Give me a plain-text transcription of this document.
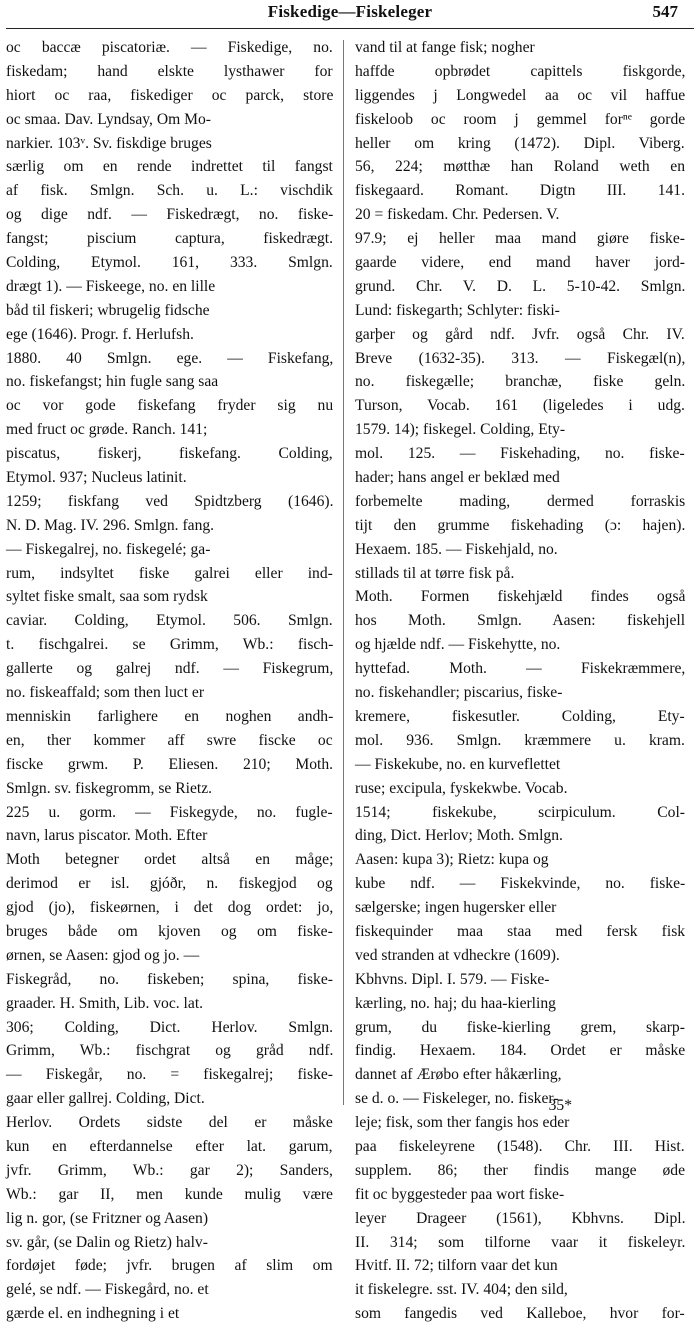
Fiskedige—Fiskeleger	547
oc baccæ piscatoriæ. — Fiskedige, no.
fiskedam; hand elskte lysthawer for
hiort oc raa, fiskediger oc parck, store
oc smaa. Dav. Lyndsay, Om Mo-
narkier. 103ᵛ. Sv. fiskdige bruges
særlig om en rende indrettet til fangst
af fisk. Smlgn. Sch. u. L.: vischdik
og dige ndf. — Fiskedrægt, no. fiske-
fangst; piscium captura, fiskedrægt.
Colding, Etymol. 161, 333. Smlgn.
drægt 1). — Fiskeege, no. en lille
båd til fiskeri; wbrugelig fidsche
ege (1646). Progr. f. Herlufsh.
1880. 40 Smlgn. ege. — Fiskefang,
no. fiskefangst; hin fugle sang saa
oc vor gode fiskefang fryder sig nu
med fruct oc grøde. Ranch. 141;
piscatus, fiskerj, fiskefang. Colding,
Etymol. 937; Nucleus latinit.
1259; fiskfang ved Spidtzberg (1646).
N. D. Mag. IV. 296. Smlgn. fang.
— Fiskegalrej, no. fiskegelé; ga-
rum, indsyltet fiske galrei eller ind-
syltet fiske smalt, saa som rydsk
caviar. Colding, Etymol. 506. Smlgn.
t. fischgalrei. se Grimm, Wb.: fisch-
gallerte og galrej ndf. — Fiskegrum,
no. fiskeaffald; som then luct er
menniskin farlighere en noghen andh-
en, ther kommer aff swre fiscke oc
fiscke grwm. P. Eliesen. 210; Moth.
Smlgn. sv. fiskegromm, se Rietz.
225 u. gorm. — Fiskegyde, no. fugle-
navn, larus piscator. Moth. Efter
Moth betegner ordet altså en måge;
derimod er isl. gjóðr, n. fiskegjod og
gjod (jo), fiskeørnen, i det dog ordet: jo,
bruges både om kjoven og om fiske-
ørnen, se Aasen: gjod og jo. —
Fiskegråd, no. fiskeben; spina, fiske-
graader. H. Smith, Lib. voc. lat.
306; Colding, Dict. Herlov. Smlgn.
Grimm, Wb.: fischgrat og gråd ndf.
— Fiskegår, no. = fiskegalrej; fiske-
gaar eller gallrej. Colding, Dict.
Herlov. Ordets sidste del er måske
kun en efterdannelse efter lat. garum,
jvfr. Grimm, Wb.: gar 2); Sanders,
Wb.: gar II, men kunde mulig være
lig n. gor, (se Fritzner og Aasen)
sv. går, (se Dalin og Rietz) halv-
fordøjet føde; jvfr. brugen af slim om
gelé, se ndf. — Fiskegård, no. et
gærde el. en indhegning i et
vand til at fange fisk; nogher
haffde opbrødet capittels fiskgorde,
liggendes j Longwedel aa oc vil haffue
fiskeloob oc room j gemmel forⁿᵉ gorde
heller om kring (1472). Dipl. Viberg.
56, 224; møtthæ han Roland weth en
fiskegaard. Romant. Digtn III. 141.
20 = fiskedam. Chr. Pedersen. V.
97.9; ej heller maa mand giøre fiske-
gaarde videre, end mand haver jord-
grund. Chr. V. D. L. 5-10-42. Smlgn.
Lund: fiskegarth; Schlyter: fiski-
garþer og gård ndf. Jvfr. også Chr. IV.
Breve (1632-35). 313. — Fiskegæl(n),
no. fiskegælle; branchæ, fiske geln.
Turson, Vocab. 161 (ligeledes i udg.
1579. 14); fiskegel. Colding, Ety-
mol. 125. — Fiskehading, no. fiske-
hader; hans angel er beklæd med
forbemelte mading, dermed forraskis
tijt den grumme fiskehading (ɔ: hajen).
Hexaem. 185. — Fiskehjald, no.
stillads til at tørre fisk på.
Moth. Formen fiskehjæld findes også
hos Moth. Smlgn. Aasen: fiskehjell
og hjælde ndf. — Fiskehytte, no.
hyttefad. Moth. — Fiskekræmmere,
no. fiskehandler; piscarius, fiske-
kremere, fiskesutler. Colding, Ety-
mol. 936. Smlgn. kræmmere u. kram.
— Fiskekube, no. en kurveflettet
ruse; excipula, fyskekwbe. Vocab.
1514; fiskekube, scirpiculum. Col-
ding, Dict. Herlov; Moth. Smlgn.
Aasen: kupa 3); Rietz: kupa og
kube ndf. — Fiskekvinde, no. fiske-
sælgerske; ingen hugersker eller
fiskequinder maa staa med fersk fisk
ved stranden at vdheckre (1609).
Kbhvns. Dipl. I. 579. — Fiske-
kærling, no. haj; du haa-kierling
grum, du fiske-kierling grem, skarp-
findig. Hexaem. 184. Ordet er måske
dannet af Ærøbo efter håkærling,
se d. o. — Fiskeleger, no. fisker-
leje; fisk, som ther fangis hos eder
paa fiskeleyrene (1548). Chr. III. Hist.
supplem. 86; ther findis mange øde
fit oc byggesteder paa wort fiske-
leyer Drageer (1561), Kbhvns. Dipl.
II. 314; som tilforne vaar it fiskeleyr.
Hvitf. II. 72; tilforn vaar det kun
it fiskelegre. sst. IV. 404; den sild,
som fangedis ved Kalleboe, hvor for-
35*
